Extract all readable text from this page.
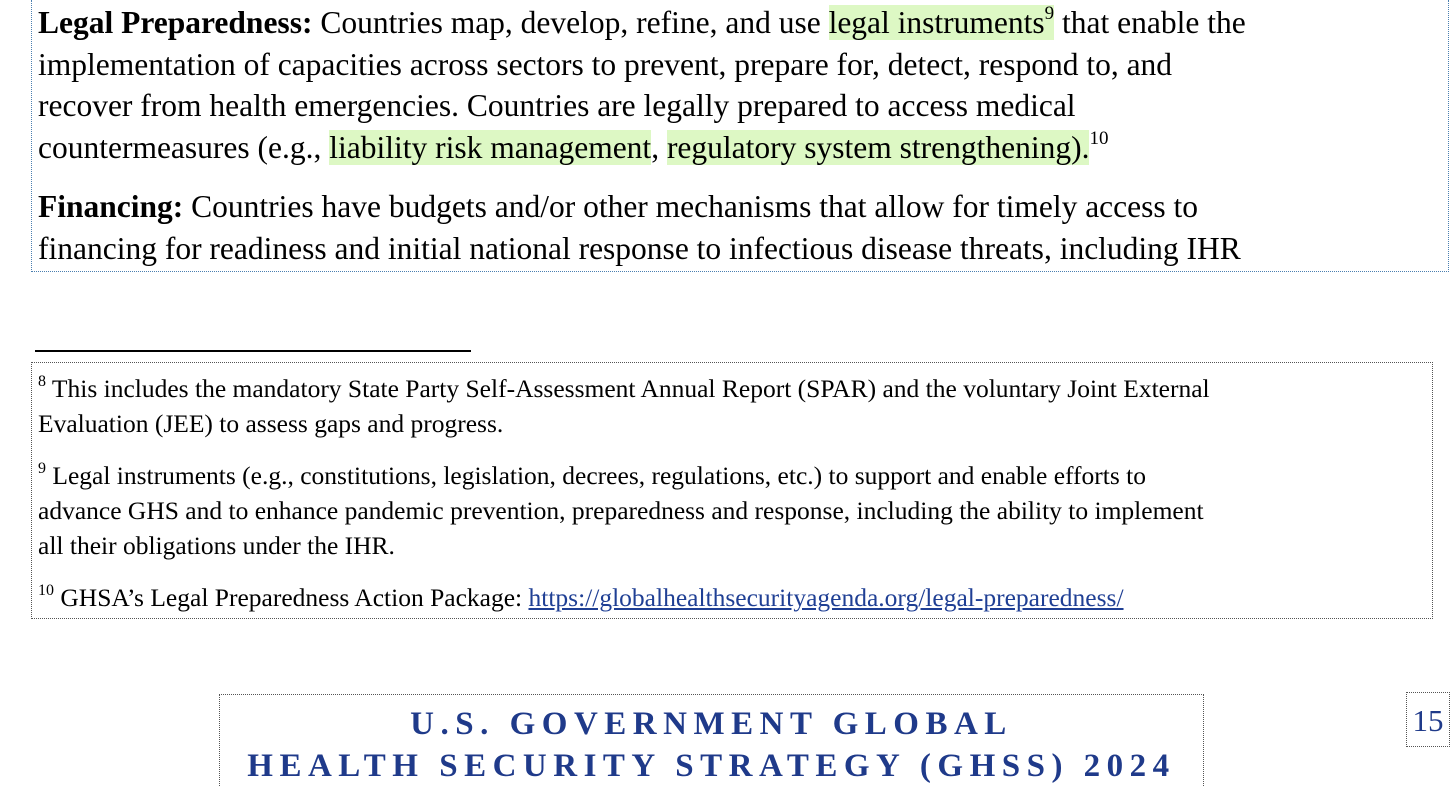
Legal Preparedness: Countries map, develop, refine, and use legal instruments$^9$ that enable the
implementation of capacities across sectors to prevent, prepare for, detect, respond to, and
recover from health emergencies. Countries are legally prepared to access medical
countermeasures (e.g., liability risk management, regulatory system strengthening).$^{10}$

Financing: Countries have budgets and/or other mechanisms that allow for timely access to
financing for readiness and initial national response to infectious disease threats, including IHR

$^8$ This includes the mandatory State Party Self-Assessment Annual Report (SPAR) and the voluntary Joint External
Evaluation (JEE) to assess gaps and progress.

$^9$ Legal instruments (e.g., constitutions, legislation, decrees, regulations, etc.) to support and enable efforts to
advance GHS and to enhance pandemic prevention, preparedness and response, including the ability to implement
all their obligations under the IHR.

$^{10}$ GHSA’s Legal Preparedness Action Package: https://globalhealthsecurityagenda.org/legal-preparedness/

U.S. GOVERNMENT GLOBAL
HEALTH SECURITY STRATEGY (GHSS) 2024
15
